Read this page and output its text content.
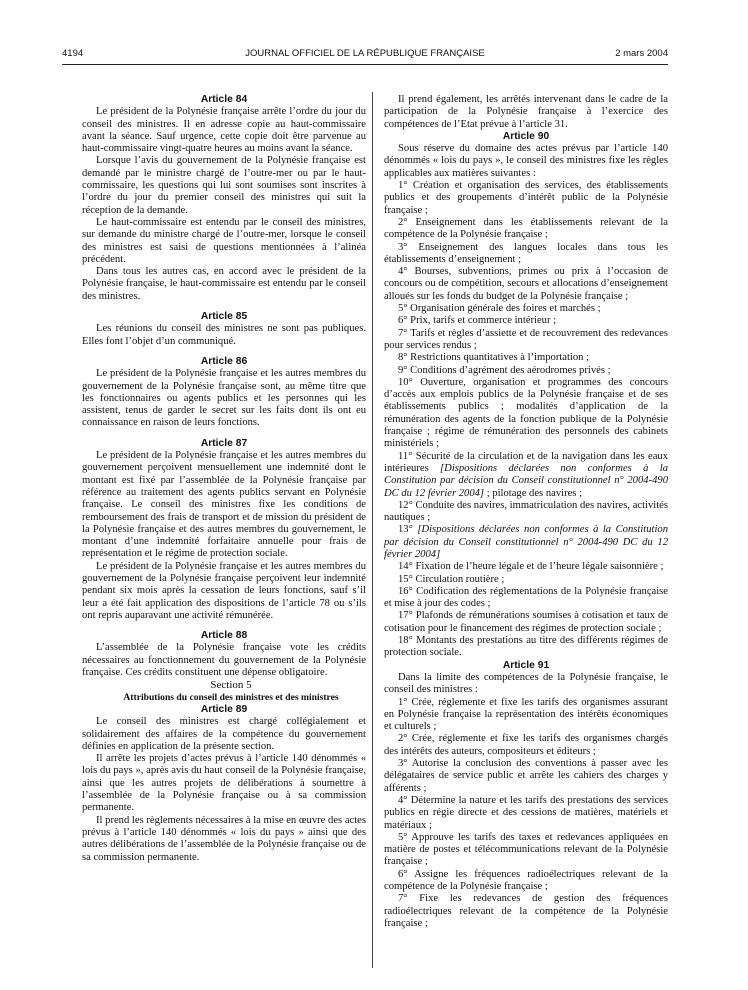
4194	JOURNAL OFFICIEL DE LA RÉPUBLIQUE FRANÇAISE	2 mars 2004

Article 84

Le président de la Polynésie française arrête l’ordre du jour du conseil des ministres. Il en adresse copie au haut-commissaire avant la séance. Sauf urgence, cette copie doit être parvenue au haut-commissaire vingt-quatre heures au moins avant la séance.

Lorsque l’avis du gouvernement de la Polynésie française est demandé par le ministre chargé de l’outre-mer ou par le haut-commissaire, les questions qui lui sont soumises sont inscrites à l’ordre du jour du premier conseil des ministres qui suit la réception de la demande.

Le haut-commissaire est entendu par le conseil des ministres, sur demande du ministre chargé de l’outre-mer, lorsque le conseil des ministres est saisi de questions mentionnées à l’alinéa précédent.

Dans tous les autres cas, en accord avec le président de la Polynésie française, le haut-commissaire est entendu par le conseil des ministres.

Article 85

Les réunions du conseil des ministres ne sont pas publiques. Elles font l’objet d’un communiqué.

Article 86

Le président de la Polynésie française et les autres membres du gouvernement de la Polynésie française sont, au même titre que les fonctionnaires ou agents publics et les personnes qui les assistent, tenus de garder le secret sur les faits dont ils ont eu connaissance en raison de leurs fonctions.

Article 87

Le président de la Polynésie française et les autres membres du gouvernement perçoivent mensuellement une indemnité dont le montant est fixé par l’assemblée de la Polynésie française par référence au traitement des agents publics servant en Polynésie française. Le conseil des ministres fixe les conditions de remboursement des frais de transport et de mission du président de la Polynésie française et des autres membres du gouvernement, le montant d’une indemnité forfaitaire annuelle pour frais de représentation et le régime de protection sociale.

Le président de la Polynésie française et les autres membres du gouvernement de la Polynésie française perçoivent leur indemnité pendant six mois après la cessation de leurs fonctions, sauf s’il leur a été fait application des dispositions de l’article 78 ou s’ils ont repris auparavant une activité rémunérée.

Article 88

L’assemblée de la Polynésie française vote les crédits nécessaires au fonctionnement du gouvernement de la Polynésie française. Ces crédits constituent une dépense obligatoire.

Section 5

Attributions du conseil des ministres et des ministres

Article 89

Le conseil des ministres est chargé collégialement et solidairement des affaires de la compétence du gouvernement définies en application de la présente section.

Il arrête les projets d’actes prévus à l’article 140 dénommés « lois du pays », après avis du haut conseil de la Polynésie française, ainsi que les autres projets de délibérations à soumettre à l’assemblée de la Polynésie française ou à sa commission permanente.

Il prend les règlements nécessaires à la mise en œuvre des actes prévus à l’article 140 dénommés « lois du pays » ainsi que des autres délibérations de l’assemblée de la Polynésie française ou de sa commission permanente.

Il prend également, les arrêtés intervenant dans le cadre de la participation de la Polynésie française à l’exercice des compétences de l’Etat prévue à l’article 31.

Article 90

Sous réserve du domaine des actes prévus par l’article 140 dénommés « lois du pays », le conseil des ministres fixe les règles applicables aux matières suivantes :

1° Création et organisation des services, des établissements publics et des groupements d’intérêt public de la Polynésie française ;

2° Enseignement dans les établissements relevant de la compétence de la Polynésie française ;

3° Enseignement des langues locales dans tous les établissements d’enseignement ;

4° Bourses, subventions, primes ou prix à l’occasion de concours ou de compétition, secours et allocations d’enseignement alloués sur les fonds du budget de la Polynésie française ;

5° Organisation générale des foires et marchés ;

6° Prix, tarifs et commerce intérieur ;

7° Tarifs et règles d’assiette et de recouvrement des redevances pour services rendus ;

8° Restrictions quantitatives à l’importation ;

9° Conditions d’agrément des aérodromes privés ;

10° Ouverture, organisation et programmes des concours d’accès aux emplois publics de la Polynésie française et de ses établissements publics ; modalités d’application de la rémunération des agents de la fonction publique de la Polynésie française ; régime de rémunération des personnels des cabinets ministériels ;

11° Sécurité de la circulation et de la navigation dans les eaux intérieures [Dispositions déclarées non conformes à la Constitution par décision du Conseil constitutionnel n° 2004-490 DC du 12 février 2004] ; pilotage des navires ;

12° Conduite des navires, immatriculation des navires, activités nautiques ;

13° [Dispositions déclarées non conformes à la Constitution par décision du Conseil constitutionnel n° 2004-490 DC du 12 février 2004]

14° Fixation de l’heure légale et de l’heure légale saisonnière ;

15° Circulation routière ;

16° Codification des réglementations de la Polynésie française et mise à jour des codes ;

17° Plafonds de rémunérations soumises à cotisation et taux de cotisation pour le financement des régimes de protection sociale ;

18° Montants des prestations au titre des différents régimes de protection sociale.

Article 91

Dans la limite des compétences de la Polynésie française, le conseil des ministres :

1° Crée, réglemente et fixe les tarifs des organismes assurant en Polynésie française la représentation des intérêts économiques et culturels ;

2° Crée, réglemente et fixe les tarifs des organismes chargés des intérêts des auteurs, compositeurs et éditeurs ;

3° Autorise la conclusion des conventions à passer avec les délégataires de service public et arrête les cahiers des charges y afférents ;

4° Détermine la nature et les tarifs des prestations des services publics en régie directe et des cessions de matières, matériels et matériaux ;

5° Approuve les tarifs des taxes et redevances appliquées en matière de postes et télécommunications relevant de la Polynésie française ;

6° Assigne les fréquences radioélectriques relevant de la compétence de la Polynésie française ;

7° Fixe les redevances de gestion des fréquences radioélectriques relevant de la compétence de la Polynésie française ;
